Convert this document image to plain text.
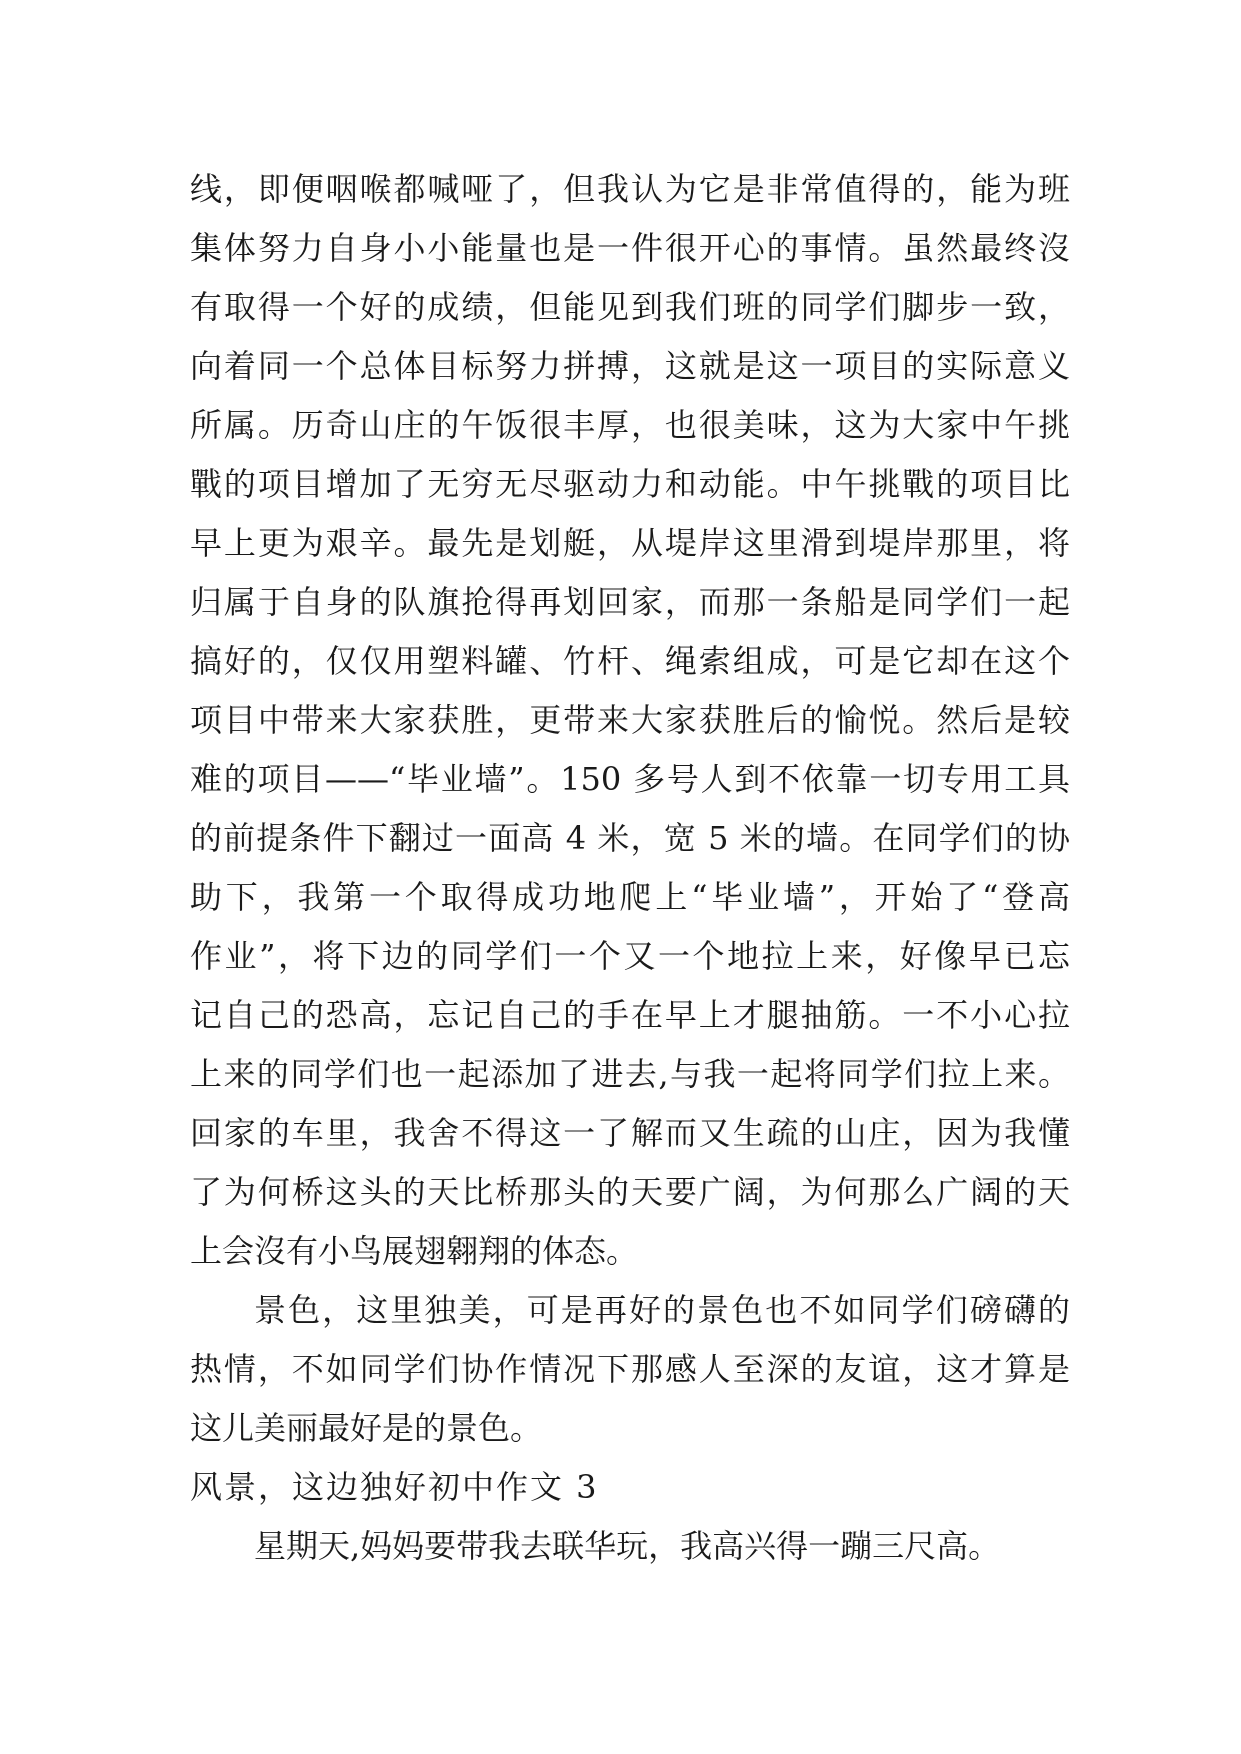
线，即便咽喉都喊哑了，但我认为它是非常值得的，能为班
集体努力自身小小能量也是一件很开心的事情。虽然最终沒
有取得一个好的成绩，但能见到我们班的同学们脚步一致，
向着同一个总体目标努力拼搏，这就是这一项目的实际意义
所属。历奇山庄的午饭很丰厚，也很美味，这为大家中午挑
戰的项目增加了无穷无尽驱动力和动能。中午挑戰的项目比
早上更为艰辛。最先是划艇，从堤岸这里滑到堤岸那里，将
归属于自身的队旗抢得再划回家，而那一条船是同学们一起
搞好的，仅仅用塑料罐、竹杆、绳索组成，可是它却在这个
项目中带来大家获胜，更带来大家获胜后的愉悦。然后是较
难的项目——“毕业墙”。150 多号人到不依靠一切专用工具
的前提条件下翻过一面高 4 米，宽 5 米的墙。在同学们的协
助下，我第一个取得成功地爬上“毕业墙”，开始了“登高
作业”，将下边的同学们一个又一个地拉上来，好像早已忘
记自己的恐高，忘记自己的手在早上才腿抽筋。一不小心拉
上来的同学们也一起添加了进去,与我一起将同学们拉上来。
回家的车里，我舍不得这一了解而又生疏的山庄，因为我懂
了为何桥这头的天比桥那头的天要广阔，为何那么广阔的天
上会沒有小鸟展翅翱翔的体态。
景色，这里独美，可是再好的景色也不如同学们磅礴的
热情，不如同学们协作情况下那感人至深的友谊，这才算是
这儿美丽最好是的景色。
风景，这边独好初中作文 3
星期天,妈妈要带我去联华玩，我高兴得一蹦三尺高。
